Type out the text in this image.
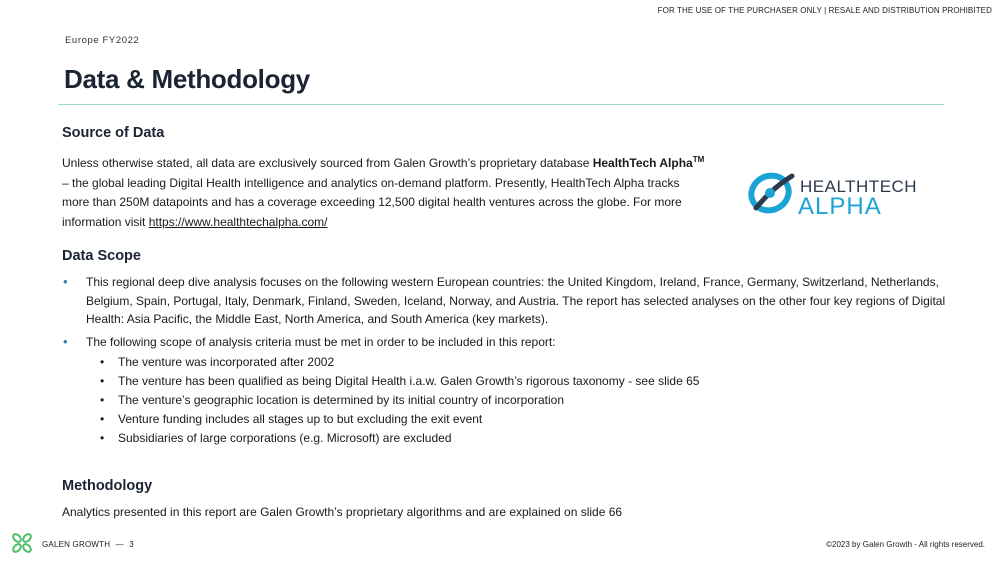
FOR THE USE OF THE PURCHASER ONLY | RESALE AND DISTRIBUTION PROHIBITED
Europe FY2022
Data & Methodology
Source of Data
Unless otherwise stated, all data are exclusively sourced from Galen Growth’s proprietary database HealthTech Alpha™
– the global leading Digital Health intelligence and analytics on-demand platform. Presently, HealthTech Alpha tracks
more than 250M datapoints and has a coverage exceeding 12,500 digital health ventures across the globe. For more
information visit https://www.healthtechalpha.com/
HEALTHTECH
ALPHA
Data Scope
• This regional deep dive analysis focuses on the following western European countries: the United Kingdom, Ireland, France, Germany, Switzerland, Netherlands, Belgium, Spain, Portugal, Italy, Denmark, Finland, Sweden, Iceland, Norway, and Austria. The report has selected analyses on the other four key regions of Digital Health: Asia Pacific, the Middle East, North America, and South America (key markets).
• The following scope of analysis criteria must be met in order to be included in this report:
• The venture was incorporated after 2002
• The venture has been qualified as being Digital Health i.a.w. Galen Growth’s rigorous taxonomy - see slide 65
• The venture’s geographic location is determined by its initial country of incorporation
• Venture funding includes all stages up to but excluding the exit event
• Subsidiaries of large corporations (e.g. Microsoft) are excluded
Methodology
Analytics presented in this report are Galen Growth’s proprietary algorithms and are explained on slide 66
GALEN GROWTH — 3	©2023 by Galen Growth - All rights reserved.
